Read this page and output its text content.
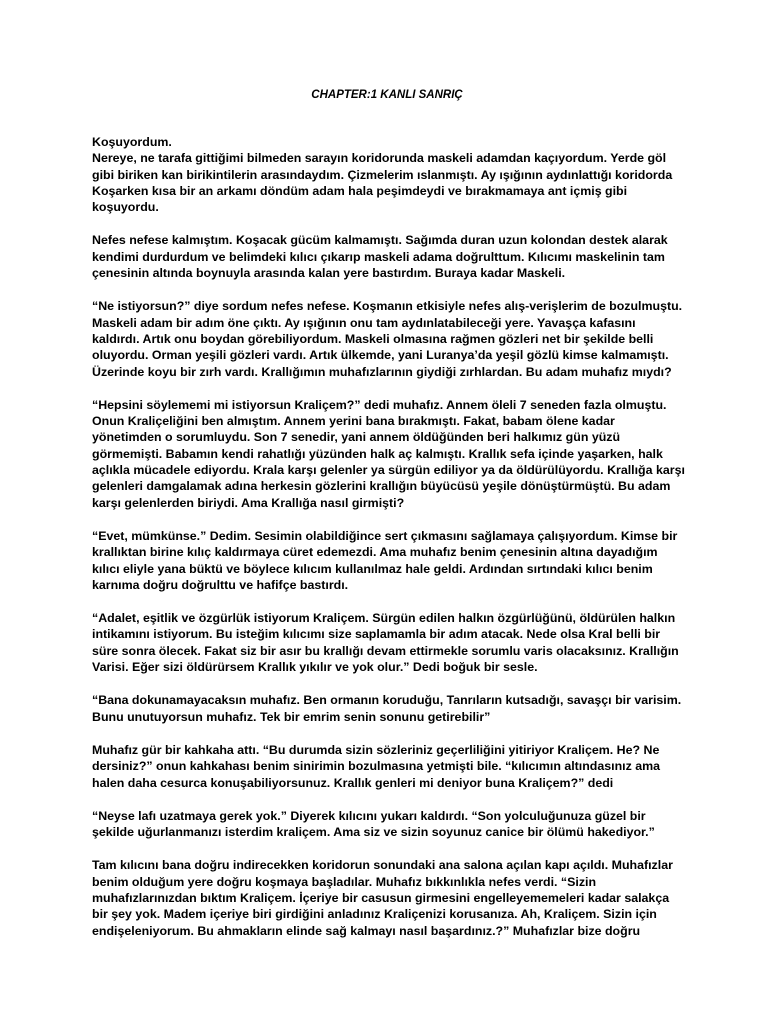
CHAPTER:1 KANLI SANRIÇ
Koşuyordum.
Nereye, ne tarafa gittiğimi bilmeden sarayın koridorunda maskeli adamdan kaçıyordum. Yerde göl
gibi biriken kan birikintilerin arasındaydım. Çizmelerim ıslanmıştı. Ay ışığının aydınlattığı koridorda
Koşarken kısa bir an arkamı döndüm adam hala peşimdeydi ve bırakmamaya ant içmiş gibi
koşuyordu.
Nefes nefese kalmıştım. Koşacak gücüm kalmamıştı. Sağımda duran uzun kolondan destek alarak
kendimi durdurdum ve belimdeki kılıcı çıkarıp maskeli adama doğrulttum. Kılıcımı maskelinin tam
çenesinin altında boynuyla arasında kalan yere bastırdım. Buraya kadar Maskeli.
“Ne istiyorsun?” diye sordum nefes nefese. Koşmanın etkisiyle nefes alış-verişlerim de bozulmuştu.
Maskeli adam bir adım öne çıktı. Ay ışığının onu tam aydınlatabileceği yere. Yavaşça kafasını
kaldırdı. Artık onu boydan görebiliyordum. Maskeli olmasına rağmen gözleri net bir şekilde belli
oluyordu. Orman yeşili gözleri vardı. Artık ülkemde, yani Luranya’da yeşil gözlü kimse kalmamıştı.
Üzerinde koyu bir zırh vardı. Krallığımın muhafızlarının giydiği zırhlardan. Bu adam muhafız mıydı?
“Hepsini söylememi mi istiyorsun Kraliçem?” dedi muhafız. Annem öleli 7 seneden fazla olmuştu.
Onun Kraliçeliğini ben almıştım. Annem yerini bana bırakmıştı. Fakat, babam ölene kadar
yönetimden o sorumluydu. Son 7 senedir, yani annem öldüğünden beri halkımız gün yüzü
görmemişti. Babamın kendi rahatlığı yüzünden halk aç kalmıştı. Krallık sefa içinde yaşarken, halk
açlıkla mücadele ediyordu. Krala karşı gelenler ya sürgün ediliyor ya da öldürülüyordu. Krallığa karşı
gelenleri damgalamak adına herkesin gözlerini krallığın büyücüsü yeşile dönüştürmüştü. Bu adam
karşı gelenlerden biriydi. Ama Krallığa nasıl girmişti?
“Evet, mümkünse.” Dedim. Sesimin olabildiğince sert çıkmasını sağlamaya çalışıyordum. Kimse bir
krallıktan birine kılıç kaldırmaya cüret edemezdi. Ama muhafız benim çenesinin altına dayadığım
kılıcı eliyle yana büktü ve böylece kılıcım kullanılmaz hale geldi. Ardından sırtındaki kılıcı benim
karnıma doğru doğrulttu ve hafifçe bastırdı.
“Adalet, eşitlik ve özgürlük istiyorum Kraliçem. Sürgün edilen halkın özgürlüğünü, öldürülen halkın
intikamını istiyorum. Bu isteğim kılıcımı size saplamamla bir adım atacak. Nede olsa Kral belli bir
süre sonra ölecek. Fakat siz bir asır bu krallığı devam ettirmekle sorumlu varis olacaksınız. Krallığın
Varisi. Eğer sizi öldürürsem Krallık yıkılır ve yok olur.” Dedi boğuk bir sesle.
“Bana dokunamayacaksın muhafız. Ben ormanın koruduğu, Tanrıların kutsadığı, savaşçı bir varisim.
Bunu unutuyorsun muhafız. Tek bir emrim senin sonunu getirebilir”
Muhafız gür bir kahkaha attı. “Bu durumda sizin sözleriniz geçerliliğini yitiriyor Kraliçem. He? Ne
dersiniz?” onun kahkahası benim sinirimin bozulmasına yetmişti bile. “kılıcımın altındasınız ama
halen daha cesurca konuşabiliyorsunuz. Krallık genleri mi deniyor buna Kraliçem?” dedi
“Neyse lafı uzatmaya gerek yok.” Diyerek kılıcını yukarı kaldırdı. “Son yolculuğunuza güzel bir
şekilde uğurlanmanızı isterdim kraliçem. Ama siz ve sizin soyunuz canice bir ölümü hakediyor.”
Tam kılıcını bana doğru indirecekken koridorun sonundaki ana salona açılan kapı açıldı. Muhafızlar
benim olduğum yere doğru koşmaya başladılar. Muhafız bıkkınlıkla nefes verdi. “Sizin
muhafızlarınızdan bıktım Kraliçem. İçeriye bir casusun girmesini engelleyememeleri kadar salakça
bir şey yok. Madem içeriye biri girdiğini anladınız Kraliçenizi korusanıza. Ah, Kraliçem. Sizin için
endişeleniyorum. Bu ahmakların elinde sağ kalmayı nasıl başardınız.?” Muhafızlar bize doğru
